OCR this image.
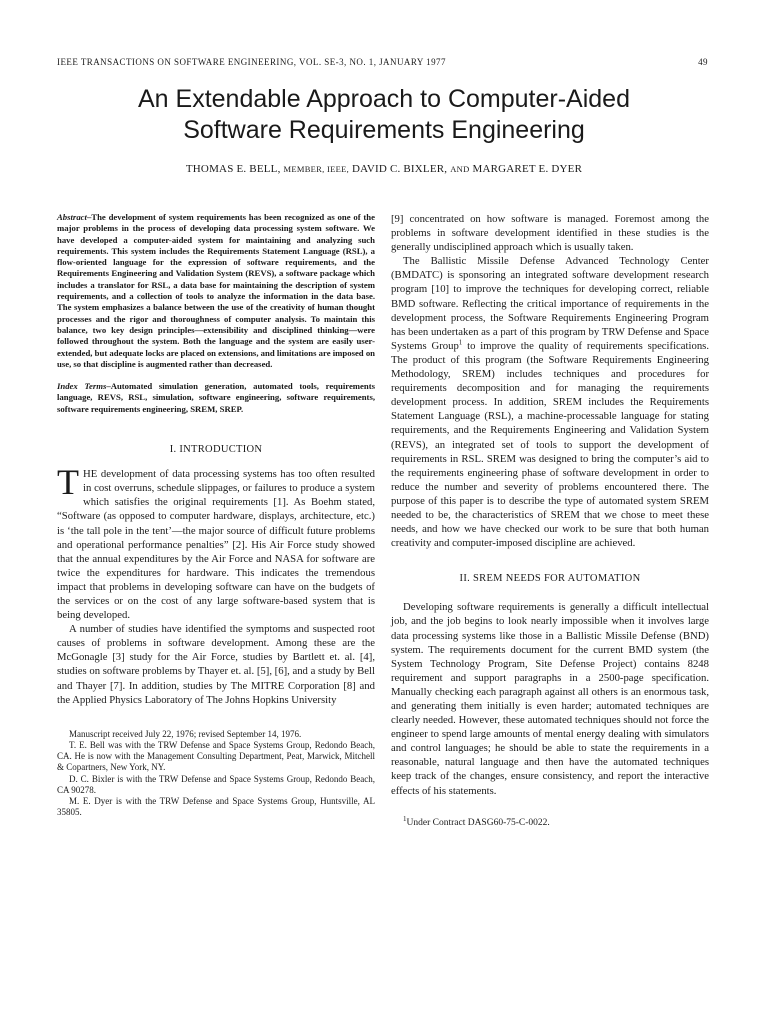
IEEE TRANSACTIONS ON SOFTWARE ENGINEERING, VOL. SE-3, NO. 1, JANUARY 1977	49
An Extendable Approach to Computer-Aided
Software Requirements Engineering
THOMAS E. BELL, MEMBER, IEEE, DAVID C. BIXLER, AND MARGARET E. DYER

Abstract–The development of system requirements has been recognized as one of the major problems in the process of developing data processing system software. We have developed a computer-aided system for maintaining and analyzing such requirements. This system includes the Requirements Statement Language (RSL), a flow-oriented language for the expression of software requirements, and the Requirements Engineering and Validation System (REVS), a software package which includes a translator for RSL, a data base for maintaining the description of system requirements, and a collection of tools to analyze the information in the data base. The system emphasizes a balance between the use of the creativity of human thought processes and the rigor and thoroughness of computer analysis. To maintain this balance, two key design principles—extensibility and disciplined thinking—were followed throughout the system. Both the language and the system are easily user-extended, but adequate locks are placed on extensions, and limitations are imposed on use, so that discipline is augmented rather than decreased.

Index Terms–Automated simulation generation, automated tools, requirements language, REVS, RSL, simulation, software engineering, software requirements, software requirements engineering, SREM, SREP.

I. INTRODUCTION

THE development of data processing systems has too often resulted in cost overruns, schedule slippages, or failures to produce a system which satisfies the original requirements [1]. As Boehm stated, “Software (as opposed to computer hardware, displays, architecture, etc.) is ‘the tall pole in the tent’—the major source of difficult future problems and operational performance penalties” [2]. His Air Force study showed that the annual expenditures by the Air Force and NASA for software are twice the expenditures for hardware. This indicates the tremendous impact that problems in developing software can have on the budgets of the services or on the cost of any large software-based system that is being developed.

A number of studies have identified the symptoms and suspected root causes of problems in software development. Among these are the McGonagle [3] study for the Air Force, studies by Bartlett et. al. [4], studies on software problems by Thayer et. al. [5], [6], and a study by Bell and Thayer [7]. In addition, studies by The MITRE Corporation [8] and the Applied Physics Laboratory of The Johns Hopkins University

Manuscript received July 22, 1976; revised September 14, 1976.

T. E. Bell was with the TRW Defense and Space Systems Group, Redondo Beach, CA. He is now with the Management Consulting Department, Peat, Marwick, Mitchell & Copartners, New York, NY.

D. C. Bixler is with the TRW Defense and Space Systems Group, Redondo Beach, CA 90278.

M. E. Dyer is with the TRW Defense and Space Systems Group, Huntsville, AL 35805.

[9] concentrated on how software is managed. Foremost among the problems in software development identified in these studies is the generally undisciplined approach which is usually taken.

The Ballistic Missile Defense Advanced Technology Center (BMDATC) is sponsoring an integrated software development research program [10] to improve the techniques for developing correct, reliable BMD software. Reflecting the critical importance of requirements in the development process, the Software Requirements Engineering Program has been undertaken as a part of this program by TRW Defense and Space Systems Group$^1$ to improve the quality of requirements specifications. The product of this program (the Software Requirements Engineering Methodology, SREM) includes techniques and procedures for requirements decomposition and for managing the requirements development process. In addition, SREM includes the Requirements Statement Language (RSL), a machine-processable language for stating requirements, and the Requirements Engineering and Validation System (REVS), an integrated set of tools to support the development of requirements in RSL. SREM was designed to bring the computer’s aid to the requirements engineering phase of software development in order to reduce the number and severity of problems encountered there. The purpose of this paper is to describe the type of automated system SREM needed to be, the characteristics of SREM that we chose to meet these needs, and how we have checked our work to be sure that both human creativity and computer-imposed discipline are achieved.

II. SREM NEEDS FOR AUTOMATION

Developing software requirements is generally a difficult intellectual job, and the job begins to look nearly impossible when it involves large data processing systems like those in a Ballistic Missile Defense (BND) system. The requirements document for the current BMD system (the System Technology Program, Site Defense Project) contains 8248 requirement and support paragraphs in a 2500-page specification. Manually checking each paragraph against all others is an enormous task, and generating them initially is even harder; automated techniques are clearly needed. However, these automated techniques should not force the engineer to spend large amounts of mental energy dealing with simulators and control languages; he should be able to state the requirements in a reasonable, natural language and then have the automated techniques keep track of the changes, ensure consistency, and report the interactive effects of his statements.

$^1$Under Contract DASG60-75-C-0022.
